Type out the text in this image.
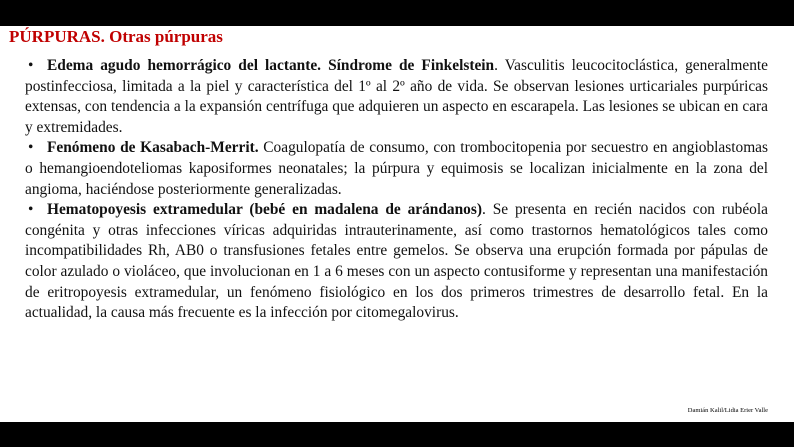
PÚRPURAS. Otras púrpuras

• Edema agudo hemorrágico del lactante. Síndrome de Finkelstein. Vasculitis leucocitoclástica, generalmente postinfecciosa, limitada a la piel y característica del 1º al 2º año de vida. Se observan lesiones urticariales purpúricas extensas, con tendencia a la expansión centrífuga que adquieren un aspecto en escarapela. Las lesiones se ubican en cara y extremidades.

• Fenómeno de Kasabach-Merrit. Coagulopatía de consumo, con trombocitopenia por secuestro en angioblastomas o hemangioendoteliomas kaposiformes neonatales; la púrpura y equimosis se localizan inicialmente en la zona del angioma, haciéndose posteriormente generalizadas.

• Hematopoyesis extramedular (bebé en madalena de arándanos). Se presenta en recién nacidos con rubéola congénita y otras infecciones víricas adquiridas intrauterinamente, así como trastornos hematológicos tales como incompatibilidades Rh, AB0 o transfusiones fetales entre gemelos. Se observa una erupción formada por pápulas de color azulado o violáceo, que involucionan en 1 a 6 meses con un aspecto contusiforme y representan una manifestación de eritropoyesis extramedular, un fenómeno fisiológico en los dos primeros trimestres de desarrollo fetal. En la actualidad, la causa más frecuente es la infección por citomegalovirus.

Damián Kalil/Lidia Erier Valle
